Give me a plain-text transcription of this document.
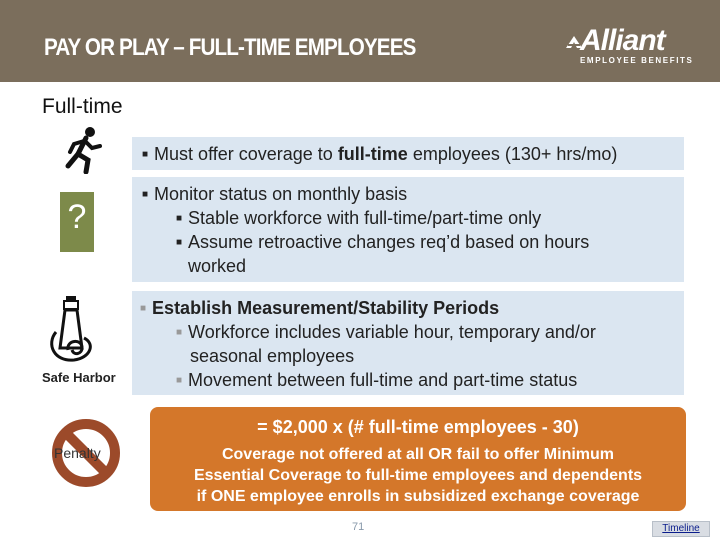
PAY OR PLAY – FULL-TIME EMPLOYEES	Alliant
EMPLOYEE BENEFITS
Full-time
?
Safe Harbor
■ Must offer coverage to full-time employees (130+ hrs/mo)
■ Monitor status on monthly basis
■ Stable workforce with full-time/part-time only
■ Assume retroactive changes req’d based on hours
worked
■ Establish Measurement/Stability Periods
■ Workforce includes variable hour, temporary and/or
seasonal employees
■ Movement between full-time and part-time status
Penalty
= $2,000 x (# full-time employees - 30)
Coverage not offered at all OR fail to offer Minimum
Essential Coverage to full-time employees and dependents
if ONE employee enrolls in subsidized exchange coverage
71	Timeline
